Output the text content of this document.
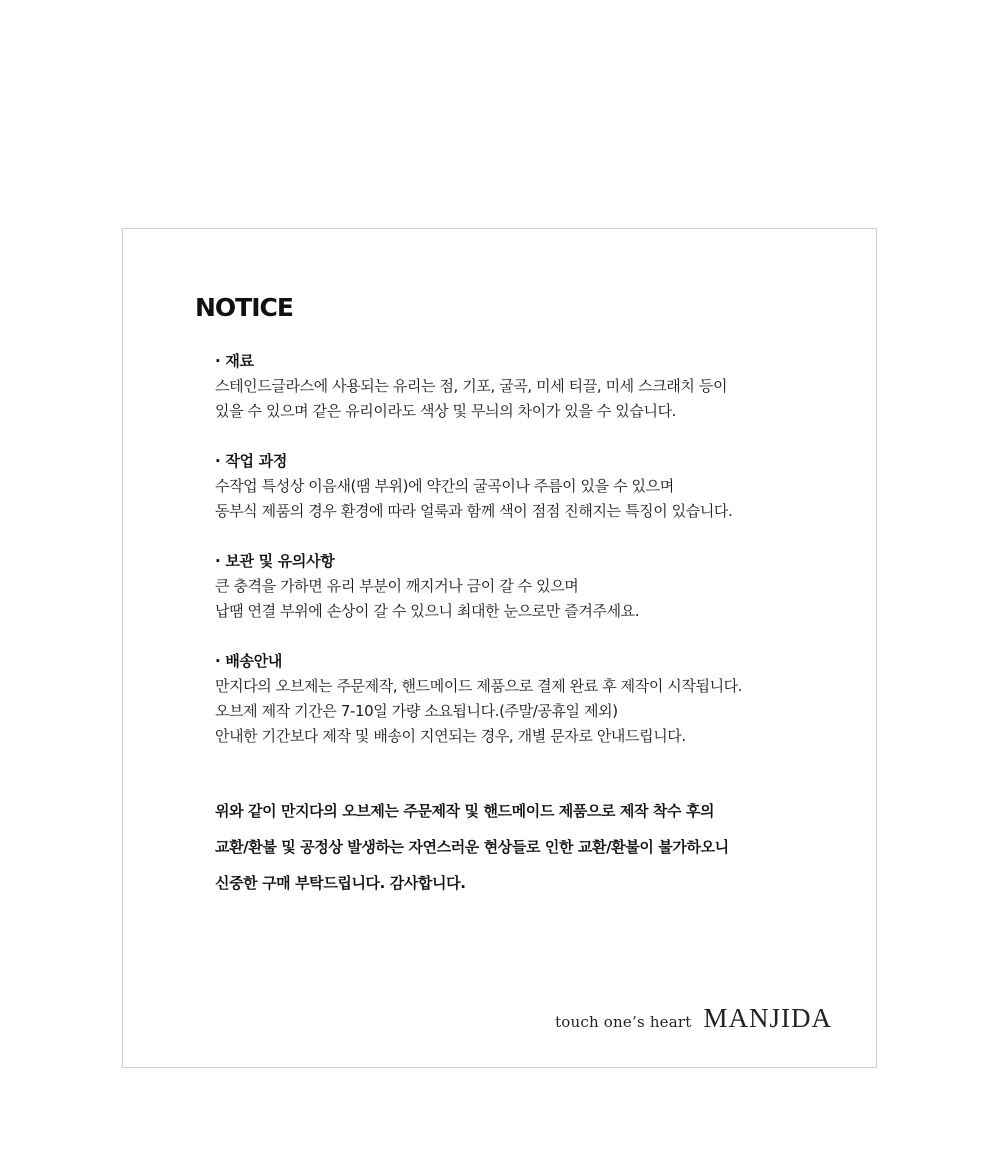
NOTICE
· 재료
스테인드글라스에 사용되는 유리는 점, 기포, 굴곡, 미세 티끌, 미세 스크래치 등이
있을 수 있으며 같은 유리이라도 색상 및 무늬의 차이가 있을 수 있습니다.
· 작업 과정
수작업 특성상 이음새(땜 부위)에 약간의 굴곡이나 주름이 있을 수 있으며
동부식 제품의 경우 환경에 따라 얼룩과 함께 색이 점점 진해지는 특징이 있습니다.
· 보관 및 유의사항
큰 충격을 가하면 유리 부분이 깨지거나 금이 갈 수 있으며
납땜 연결 부위에 손상이 갈 수 있으니 최대한 눈으로만 즐겨주세요.
· 배송안내
만지다의 오브제는 주문제작, 핸드메이드 제품으로 결제 완료 후 제작이 시작됩니다.
오브제 제작 기간은 7-10일 가량 소요됩니다.(주말/공휴일 제외)
안내한 기간보다 제작 및 배송이 지연되는 경우, 개별 문자로 안내드립니다.
위와 같이 만지다의 오브제는 주문제작 및 핸드메이드 제품으로 제작 착수 후의
교환/환불 및 공정상 발생하는 자연스러운 현상들로 인한 교환/환불이 불가하오니
신중한 구매 부탁드립니다. 감사합니다.
touch one’s heart MANJIDA
